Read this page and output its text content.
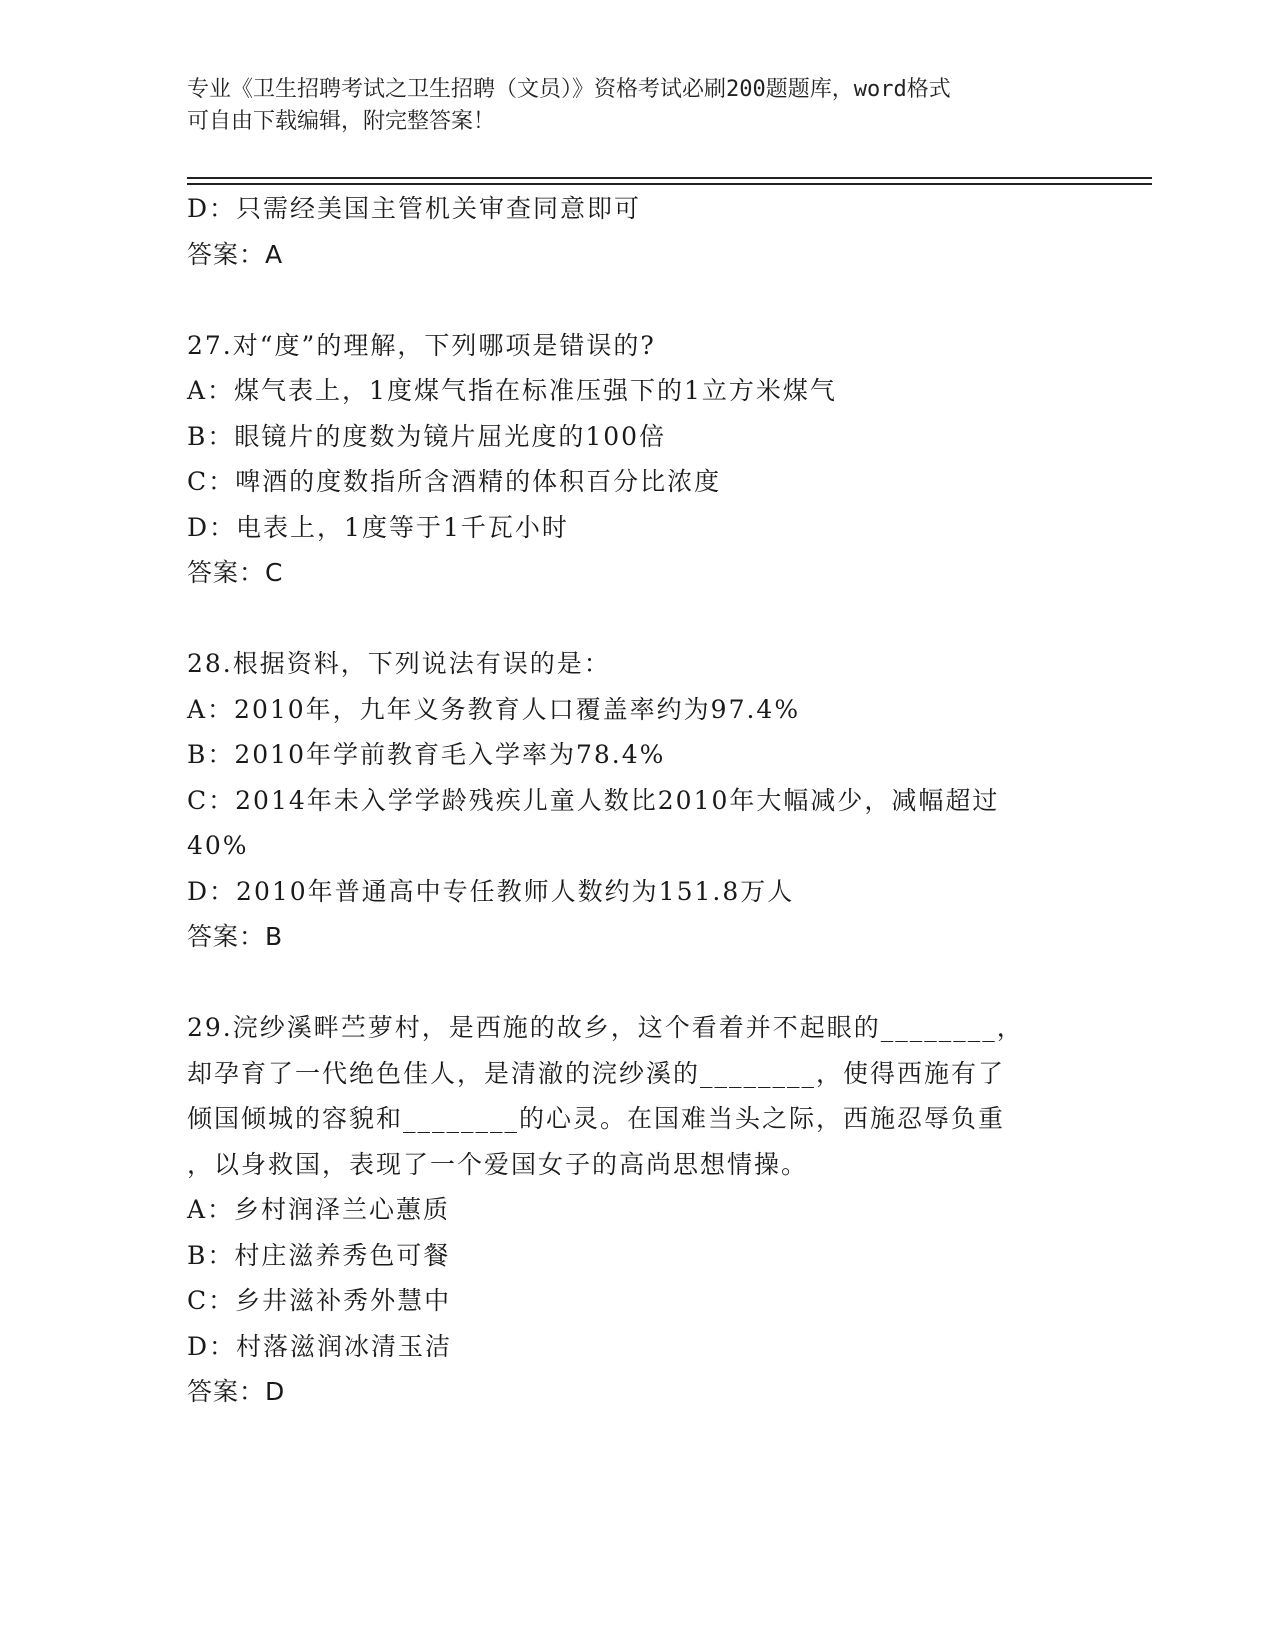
专业《卫生招聘考试之卫生招聘（文员）》资格考试必刷200题题库，word格式
可自由下载编辑，附完整答案！
D：只需经美国主管机关审查同意即可
答案：A
27.对“度”的理解，下列哪项是错误的?
A：煤气表上，1度煤气指在标准压强下的1立方米煤气
B：眼镜片的度数为镜片屈光度的100倍
C：啤酒的度数指所含酒精的体积百分比浓度
D：电表上，1度等于1千瓦小时
答案：C
28.根据资料，下列说法有误的是：
A：2010年，九年义务教育人口覆盖率约为97.4%
B：2010年学前教育毛入学率为78.4%
C：2014年未入学学龄残疾儿童人数比2010年大幅减少，减幅超过
40%
D：2010年普通高中专任教师人数约为151.8万人
答案：B
29.浣纱溪畔苎萝村，是西施的故乡，这个看着并不起眼的________，
却孕育了一代绝色佳人，是清澈的浣纱溪的________，使得西施有了
倾国倾城的容貌和________的心灵。在国难当头之际，西施忍辱负重
，以身救国，表现了一个爱国女子的高尚思想情操。
A：乡村润泽兰心蕙质
B：村庄滋养秀色可餐
C：乡井滋补秀外慧中
D：村落滋润冰清玉洁
答案：D
